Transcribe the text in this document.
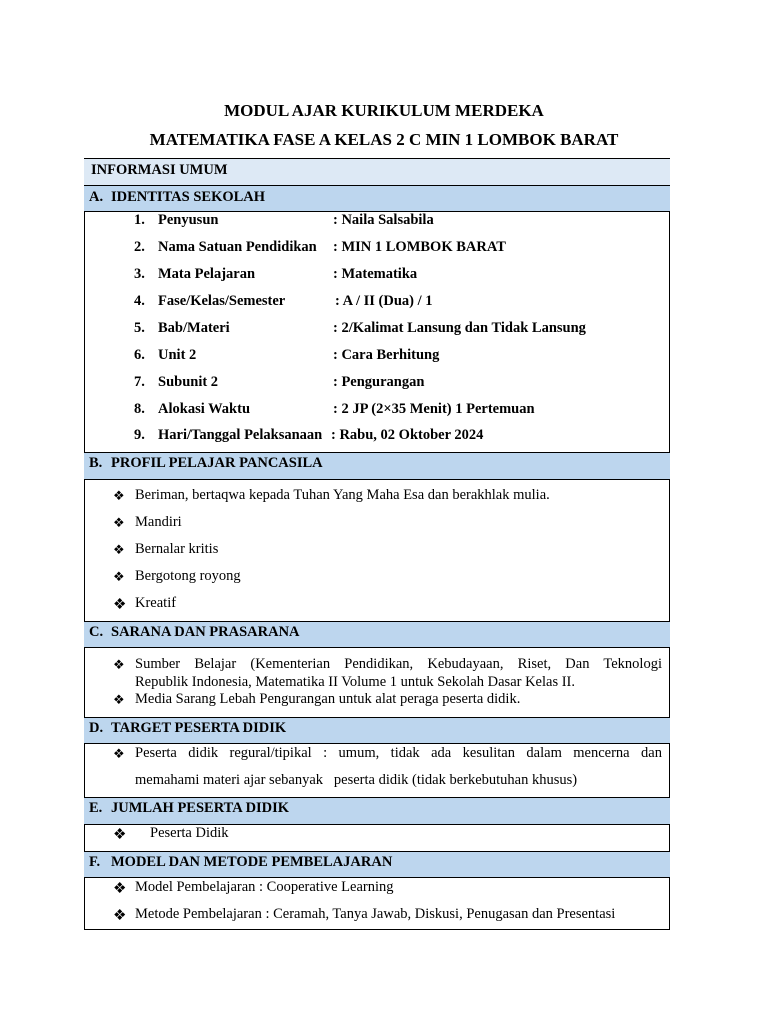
MODUL AJAR KURIKULUM MERDEKA
MATEMATIKA FASE A KELAS 2 C MIN 1 LOMBOK BARAT
INFORMASI UMUM
A. IDENTITAS SEKOLAH
1. Penyusun	: Naila Salsabila
2. Nama Satuan Pendidikan : MIN 1 LOMBOK BARAT
3. Mata Pelajaran	: Matematika
4. Fase/Kelas/Semester	: A / II (Dua) / 1
5. Bab/Materi	: 2/Kalimat Lansung dan Tidak Lansung
6. Unit 2	: Cara Berhitung
7. Subunit 2	: Pengurangan
8. Alokasi Waktu	: 2 JP (2×35 Menit) 1 Pertemuan
9. Hari/Tanggal Pelaksanaan : Rabu, 02 Oktober 2024
B. PROFIL PELAJAR PANCASILA
❖ Beriman, bertaqwa kepada Tuhan Yang Maha Esa dan berakhlak mulia.
❖ Mandiri
❖ Bernalar kritis
❖ Bergotong royong
❖ Kreatif
C. SARANA DAN PRASARANA
❖ Sumber Belajar (Kementerian Pendidikan, Kebudayaan, Riset, Dan Teknologi
Republik Indonesia, Matematika II Volume 1 untuk Sekolah Dasar Kelas II.
❖ Media Sarang Lebah Pengurangan untuk alat peraga peserta didik.
D. TARGET PESERTA DIDIK
❖ Peserta didik regural/tipikal : umum, tidak ada kesulitan dalam mencerna dan
memahami materi ajar sebanyak   peserta didik (tidak berkebutuhan khusus)
E. JUMLAH PESERTA DIDIK
❖ Peserta Didik
F. MODEL DAN METODE PEMBELAJARAN
❖ Model Pembelajaran : Cooperative Learning
❖ Metode Pembelajaran : Ceramah, Tanya Jawab, Diskusi, Penugasan dan Presentasi
